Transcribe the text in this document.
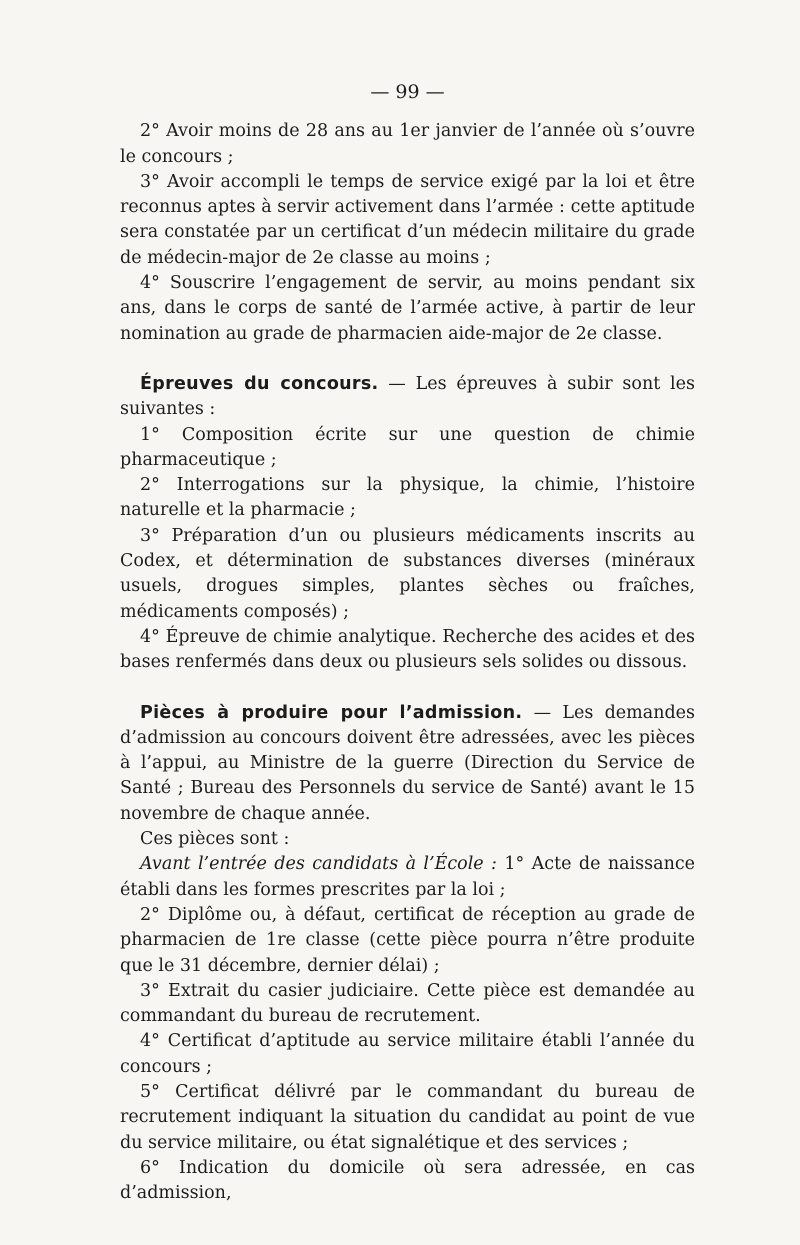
— 99 —

2° Avoir moins de 28 ans au 1er janvier de l’année où s’ouvre le concours ;

3° Avoir accompli le temps de service exigé par la loi et être reconnus aptes à servir activement dans l’armée : cette aptitude sera constatée par un certificat d’un médecin militaire du grade de médecin-major de 2e classe au moins ;

4° Souscrire l’engagement de servir, au moins pendant six ans, dans le corps de santé de l’armée active, à partir de leur nomination au grade de pharmacien aide-major de 2e classe.

Épreuves du concours. — Les épreuves à subir sont les suivantes :

1° Composition écrite sur une question de chimie pharmaceutique ;

2° Interrogations sur la physique, la chimie, l’histoire naturelle et la pharmacie ;

3° Préparation d’un ou plusieurs médicaments inscrits au Codex, et détermination de substances diverses (minéraux usuels, drogues simples, plantes sèches ou fraîches, médicaments composés) ;

4° Épreuve de chimie analytique. Recherche des acides et des bases renfermés dans deux ou plusieurs sels solides ou dissous.

Pièces à produire pour l’admission. — Les demandes d’admission au concours doivent être adressées, avec les pièces à l’appui, au Ministre de la guerre (Direction du Service de Santé ; Bureau des Personnels du service de Santé) avant le 15 novembre de chaque année.

Ces pièces sont :

Avant l’entrée des candidats à l’École : 1° Acte de naissance établi dans les formes prescrites par la loi ;

2° Diplôme ou, à défaut, certificat de réception au grade de pharmacien de 1re classe (cette pièce pourra n’être produite que le 31 décembre, dernier délai) ;

3° Extrait du casier judiciaire. Cette pièce est demandée au commandant du bureau de recrutement.

4° Certificat d’aptitude au service militaire établi l’année du concours ;

5° Certificat délivré par le commandant du bureau de recrutement indiquant la situation du candidat au point de vue du service militaire, ou état signalétique et des services ;

6° Indication du domicile où sera adressée, en cas d’admission,
